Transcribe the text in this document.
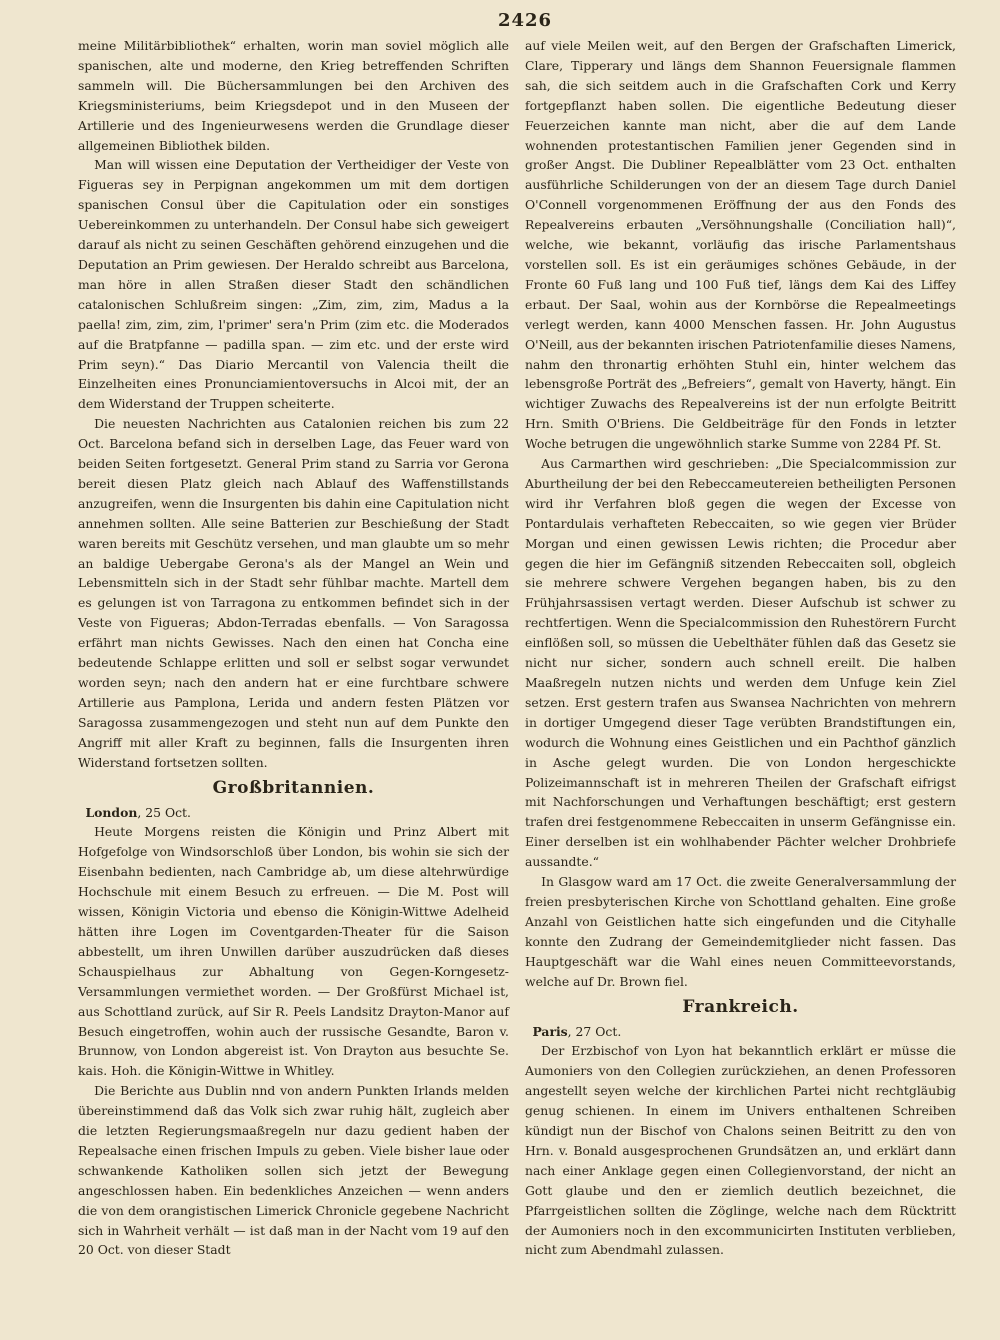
2426

meine Militärbibliothek“ erhalten, worin man soviel möglich alle spanischen, alte und moderne, den Krieg betreffenden Schriften sammeln will. Die Büchersammlungen bei den Archiven des Kriegsministeriums, beim Kriegsdepot und in den Museen der Artillerie und des Ingenieurwesens werden die Grundlage dieser allgemeinen Bibliothek bilden.

Man will wissen eine Deputation der Vertheidiger der Veste von Figueras sey in Perpignan angekommen um mit dem dortigen spanischen Consul über die Capitulation oder ein sonstiges Uebereinkommen zu unterhandeln. Der Consul habe sich geweigert darauf als nicht zu seinen Geschäften gehörend einzugehen und die Deputation an Prim gewiesen. Der Heraldo schreibt aus Barcelona, man höre in allen Straßen dieser Stadt den schändlichen catalonischen Schlußreim singen: „Zim, zim, zim, Madus a la paella! zim, zim, zim, l'primer' sera'n Prim (zim etc. die Moderados auf die Bratpfanne — padilla span. — zim etc. und der erste wird Prim seyn).“ Das Diario Mercantil von Valencia theilt die Einzelheiten eines Pronunciamientoversuchs in Alcoi mit, der an dem Widerstand der Truppen scheiterte.

Die neuesten Nachrichten aus Catalonien reichen bis zum 22 Oct. Barcelona befand sich in derselben Lage, das Feuer ward von beiden Seiten fortgesetzt. General Prim stand zu Sarria vor Gerona bereit diesen Platz gleich nach Ablauf des Waffenstillstands anzugreifen, wenn die Insurgenten bis dahin eine Capitulation nicht annehmen sollten. Alle seine Batterien zur Beschießung der Stadt waren bereits mit Geschütz versehen, und man glaubte um so mehr an baldige Uebergabe Gerona's als der Mangel an Wein und Lebensmitteln sich in der Stadt sehr fühlbar machte. Martell dem es gelungen ist von Tarragona zu entkommen befindet sich in der Veste von Figueras; Abdon-Terradas ebenfalls. — Von Saragossa erfährt man nichts Gewisses. Nach den einen hat Concha eine bedeutende Schlappe erlitten und soll er selbst sogar verwundet worden seyn; nach den andern hat er eine furchtbare schwere Artillerie aus Pamplona, Lerida und andern festen Plätzen vor Saragossa zusammengezogen und steht nun auf dem Punkte den Angriff mit aller Kraft zu beginnen, falls die Insurgenten ihren Widerstand fortsetzen sollten.

Großbritannien.

London, 25 Oct.

Heute Morgens reisten die Königin und Prinz Albert mit Hofgefolge von Windsorschloß über London, bis wohin sie sich der Eisenbahn bedienten, nach Cambridge ab, um diese altehrwürdige Hochschule mit einem Besuch zu erfreuen. — Die M. Post will wissen, Königin Victoria und ebenso die Königin-Wittwe Adelheid hätten ihre Logen im Coventgarden-Theater für die Saison abbestellt, um ihren Unwillen darüber auszudrücken daß dieses Schauspielhaus zur Abhaltung von Gegen-Korngesetz-Versammlungen vermiethet worden. — Der Großfürst Michael ist, aus Schottland zurück, auf Sir R. Peels Landsitz Drayton-Manor auf Besuch eingetroffen, wohin auch der russische Gesandte, Baron v. Brunnow, von London abgereist ist. Von Drayton aus besuchte Se. kais. Hoh. die Königin-Wittwe in Whitley.

Die Berichte aus Dublin nnd von andern Punkten Irlands melden übereinstimmend daß das Volk sich zwar ruhig hält, zugleich aber die letzten Regierungsmaaßregeln nur dazu gedient haben der Repealsache einen frischen Impuls zu geben. Viele bisher laue oder schwankende Katholiken sollen sich jetzt der Bewegung angeschlossen haben. Ein bedenkliches Anzeichen — wenn anders die von dem orangistischen Limerick Chronicle gegebene Nachricht sich in Wahrheit verhält — ist daß man in der Nacht vom 19 auf den 20 Oct. von dieser Stadt

auf viele Meilen weit, auf den Bergen der Grafschaften Limerick, Clare, Tipperary und längs dem Shannon Feuersignale flammen sah, die sich seitdem auch in die Grafschaften Cork und Kerry fortgepflanzt haben sollen. Die eigentliche Bedeutung dieser Feuerzeichen kannte man nicht, aber die auf dem Lande wohnenden protestantischen Familien jener Gegenden sind in großer Angst. Die Dubliner Repealblätter vom 23 Oct. enthalten ausführliche Schilderungen von der an diesem Tage durch Daniel O'Connell vorgenommenen Eröffnung der aus den Fonds des Repealvereins erbauten „Versöhnungshalle (Conciliation hall)“, welche, wie bekannt, vorläufig das irische Parlamentshaus vorstellen soll. Es ist ein geräumiges schönes Gebäude, in der Fronte 60 Fuß lang und 100 Fuß tief, längs dem Kai des Liffey erbaut. Der Saal, wohin aus der Kornbörse die Repealmeetings verlegt werden, kann 4000 Menschen fassen. Hr. John Augustus O'Neill, aus der bekannten irischen Patriotenfamilie dieses Namens, nahm den thronartig erhöhten Stuhl ein, hinter welchem das lebensgroße Porträt des „Befreiers“, gemalt von Haverty, hängt. Ein wichtiger Zuwachs des Repealvereins ist der nun erfolgte Beitritt Hrn. Smith O'Briens. Die Geldbeiträge für den Fonds in letzter Woche betrugen die ungewöhnlich starke Summe von 2284 Pf. St.

Aus Carmarthen wird geschrieben: „Die Specialcommission zur Aburtheilung der bei den Rebeccameutereien betheiligten Personen wird ihr Verfahren bloß gegen die wegen der Excesse von Pontardulais verhafteten Rebeccaiten, so wie gegen vier Brüder Morgan und einen gewissen Lewis richten; die Procedur aber gegen die hier im Gefängniß sitzenden Rebeccaiten soll, obgleich sie mehrere schwere Vergehen begangen haben, bis zu den Frühjahrsassisen vertagt werden. Dieser Aufschub ist schwer zu rechtfertigen. Wenn die Specialcommission den Ruhestörern Furcht einflößen soll, so müssen die Uebelthäter fühlen daß das Gesetz sie nicht nur sicher, sondern auch schnell ereilt. Die halben Maaßregeln nutzen nichts und werden dem Unfuge kein Ziel setzen. Erst gestern trafen aus Swansea Nachrichten von mehrern in dortiger Umgegend dieser Tage verübten Brandstiftungen ein, wodurch die Wohnung eines Geistlichen und ein Pachthof gänzlich in Asche gelegt wurden. Die von London hergeschickte Polizeimannschaft ist in mehreren Theilen der Grafschaft eifrigst mit Nachforschungen und Verhaftungen beschäftigt; erst gestern trafen drei festgenommene Rebeccaiten in unserm Gefängnisse ein. Einer derselben ist ein wohlhabender Pächter welcher Drohbriefe aussandte.“

In Glasgow ward am 17 Oct. die zweite Generalversammlung der freien presbyterischen Kirche von Schottland gehalten. Eine große Anzahl von Geistlichen hatte sich eingefunden und die Cityhalle konnte den Zudrang der Gemeindemitglieder nicht fassen. Das Hauptgeschäft war die Wahl eines neuen Committeevorstands, welche auf Dr. Brown fiel.

Frankreich.

Paris, 27 Oct.

Der Erzbischof von Lyon hat bekanntlich erklärt er müsse die Aumoniers von den Collegien zurückziehen, an denen Professoren angestellt seyen welche der kirchlichen Partei nicht rechtgläubig genug schienen. In einem im Univers enthaltenen Schreiben kündigt nun der Bischof von Chalons seinen Beitritt zu den von Hrn. v. Bonald ausgesprochenen Grundsätzen an, und erklärt dann nach einer Anklage gegen einen Collegienvorstand, der nicht an Gott glaube und den er ziemlich deutlich bezeichnet, die Pfarrgeistlichen sollten die Zöglinge, welche nach dem Rücktritt der Aumoniers noch in den excommunicirten Instituten verblieben, nicht zum Abendmahl zulassen.
